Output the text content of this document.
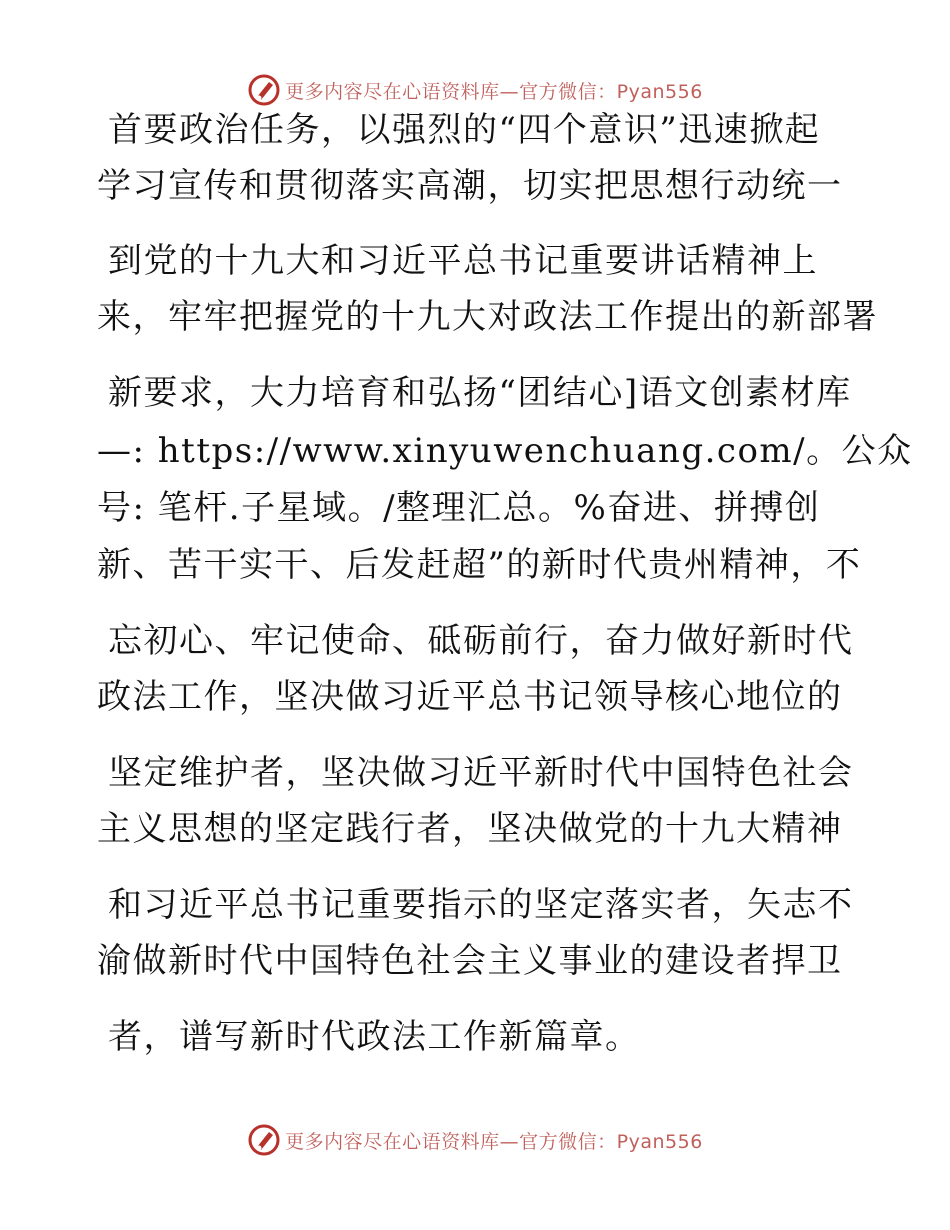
更多内容尽在心语资料库—官方微信：Pyan556
首要政治任务，以强烈的“四个意识”迅速掀起
学习宣传和贯彻落实高潮，切实把思想行动统一
到党的十九大和习近平总书记重要讲话精神上
来，牢牢把握党的十九大对政法工作提出的新部署
新要求，大力培育和弘扬“团结心]语文创素材库
—: https://www.xinyuwenchuang.com/。公众
号: 笔杆.子星域。/整理汇总。%奋进、拼搏创
新、苦干实干、后发赶超”的新时代贵州精神，不
忘初心、牢记使命、砥砺前行，奋力做好新时代
政法工作，坚决做习近平总书记领导核心地位的
坚定维护者，坚决做习近平新时代中国特色社会
主义思想的坚定践行者，坚决做党的十九大精神
和习近平总书记重要指示的坚定落实者，矢志不
渝做新时代中国特色社会主义事业的建设者捍卫
者，谱写新时代政法工作新篇章。
更多内容尽在心语资料库—官方微信：Pyan556
